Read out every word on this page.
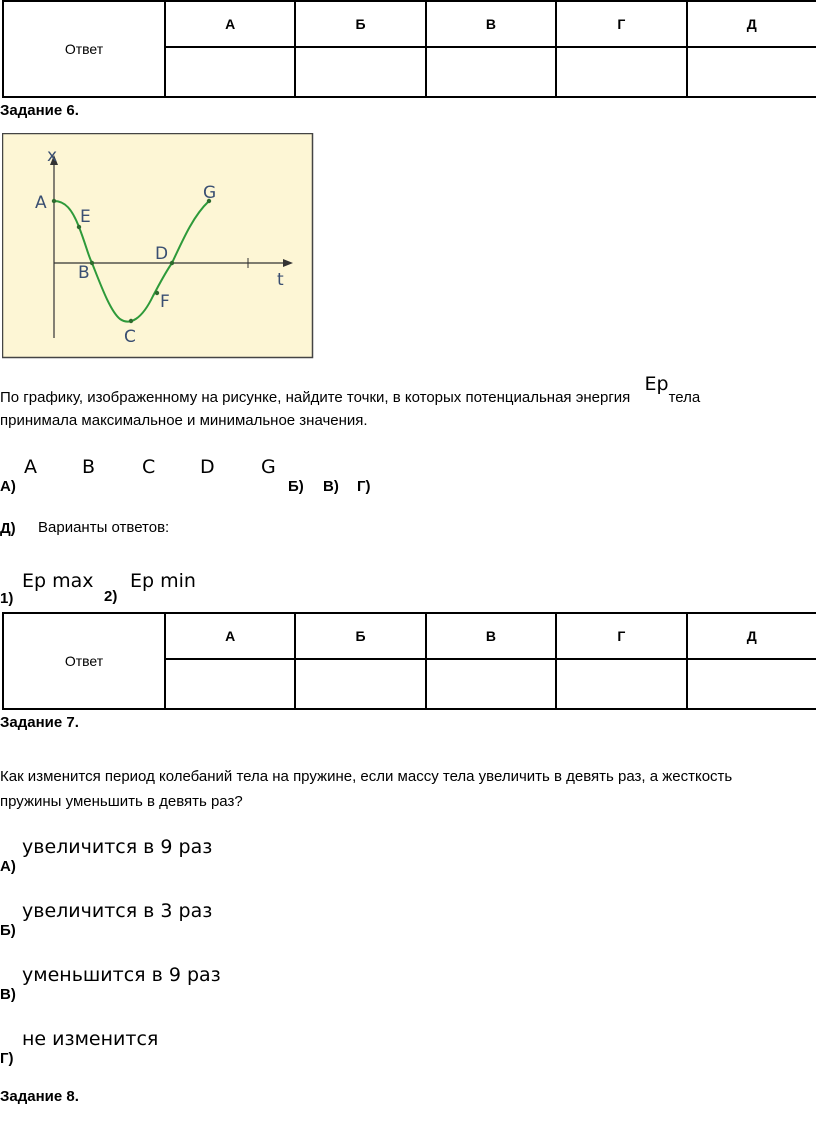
Ответ	А	Б	В	Г	Д

Задание 6.
x
t
A
E
B
D
F
C
G
По графику, изображенному на рисунке, найдите точки, в которых потенциальная энергия Epтела
принимала максимальное и минимальное значения.
А)
A B C D G
Б) В) Г)
Д) Варианты ответов:
1)
Ep max
2)
Ep min
Ответ	А	Б	В	Г	Д

Задание 7.
Как изменится период колебаний тела на пружине, если массу тела увеличить в девять раз, а жесткость
пружины уменьшить в девять раз?
А)
увеличится в 9 раз
Б)
увеличится в 3 раз
В)
уменьшится в 9 раз
Г)
не изменится
Задание 8.
